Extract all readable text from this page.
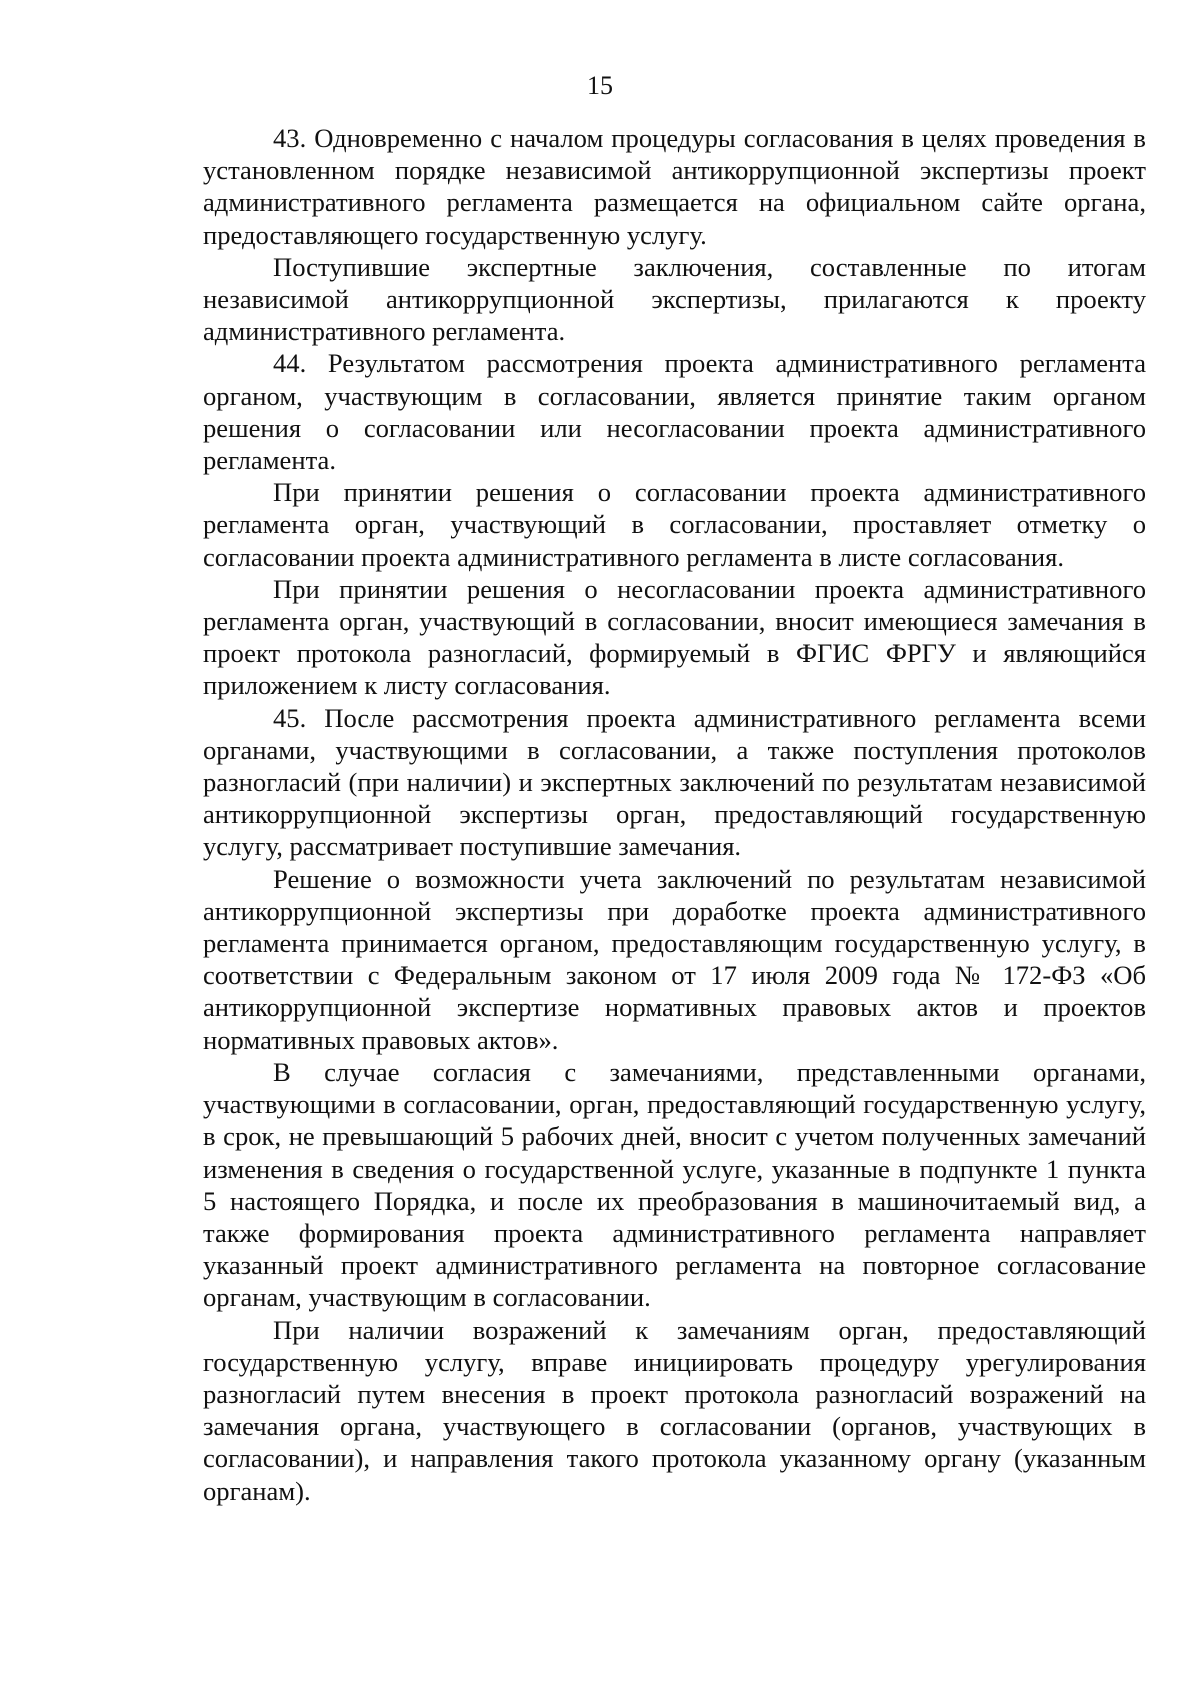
15

43. Одновременно с началом процедуры согласования в целях проведения в установленном порядке независимой антикоррупционной экспертизы проект административного регламента размещается на официальном сайте органа, предоставляющего государственную услугу.

Поступившие экспертные заключения, составленные по итогам независимой антикоррупционной экспертизы, прилагаются к проекту административного регламента.

44. Результатом рассмотрения проекта административного регламента органом, участвующим в согласовании, является принятие таким органом решения о согласовании или несогласовании проекта административного регламента.

При принятии решения о согласовании проекта административного регламента орган, участвующий в согласовании, проставляет отметку о согласовании проекта административного регламента в листе согласования.

При принятии решения о несогласовании проекта административного регламента орган, участвующий в согласовании, вносит имеющиеся замечания в проект протокола разногласий, формируемый в ФГИС ФРГУ и являющийся приложением к листу согласования.

45. После рассмотрения проекта административного регламента всеми органами, участвующими в согласовании, а также поступления протоколов разногласий (при наличии) и экспертных заключений по результатам независимой антикоррупционной экспертизы орган, предоставляющий государственную услугу, рассматривает поступившие замечания.

Решение о возможности учета заключений по результатам независимой антикоррупционной экспертизы при доработке проекта административного регламента принимается органом, предоставляющим государственную услугу, в соответствии с Федеральным законом от 17 июля 2009 года № 172-ФЗ «Об антикоррупционной экспертизе нормативных правовых актов и проектов нормативных правовых актов».

В случае согласия с замечаниями, представленными органами, участвующими в согласовании, орган, предоставляющий государственную услугу, в срок, не превышающий 5 рабочих дней, вносит с учетом полученных замечаний изменения в сведения о государственной услуге, указанные в подпункте 1 пункта 5 настоящего Порядка, и после их преобразования в машиночитаемый вид, а также формирования проекта административного регламента направляет указанный проект административного регламента на повторное согласование органам, участвующим в согласовании.

При наличии возражений к замечаниям орган, предоставляющий государственную услугу, вправе инициировать процедуру урегулирования разногласий путем внесения в проект протокола разногласий возражений на замечания органа, участвующего в согласовании (органов, участвующих в согласовании), и направления такого протокола указанному органу (указанным органам).
